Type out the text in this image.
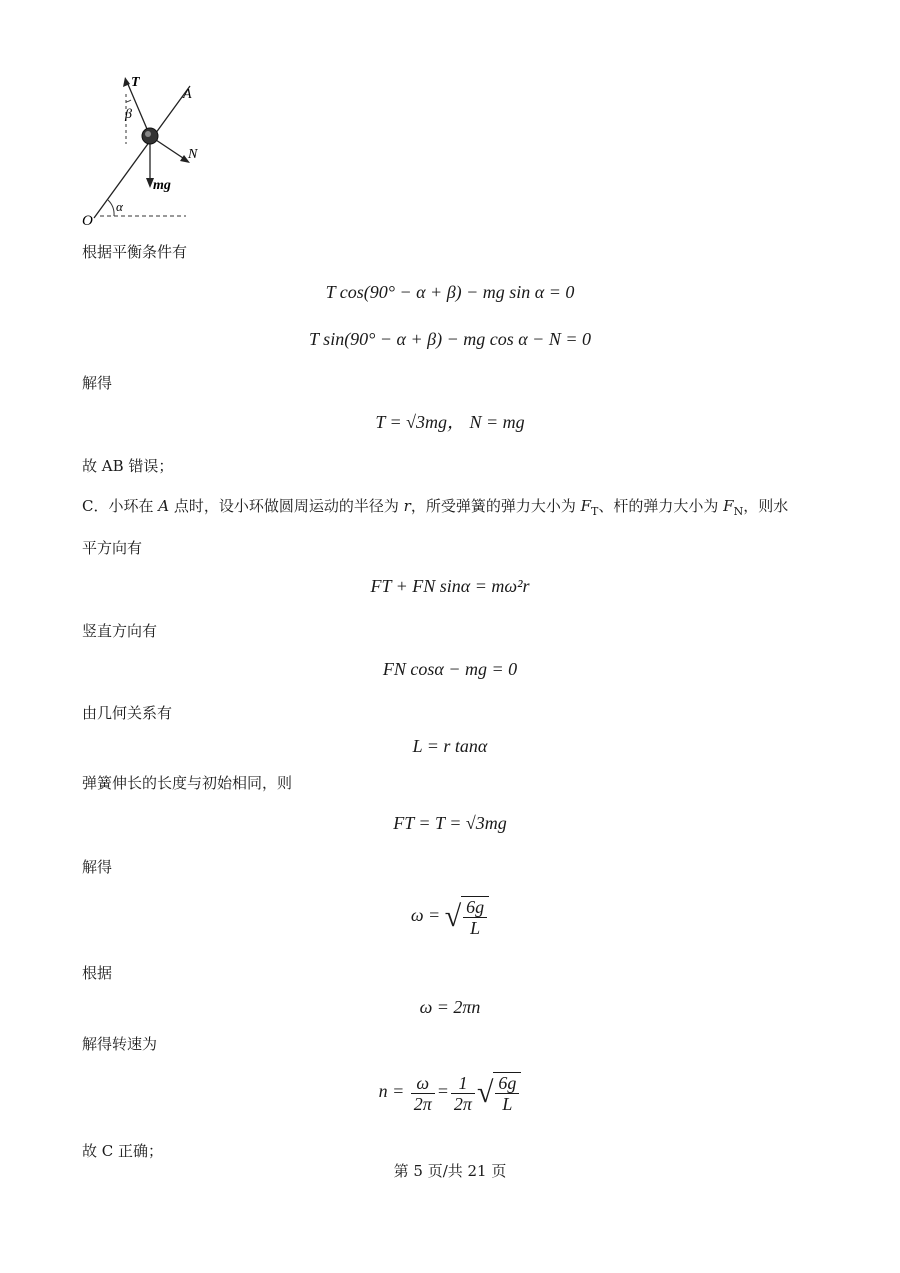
T
A
β
N
mg
O
α
根据平衡条件有
T cos(90° − α + β) − mg sin α = 0
T sin(90° − α + β) − mg cos α − N = 0
解得
T = √3mg， N = mg
故 AB 错误；
C．小环在 A 点时，设小环做圆周运动的半径为 r，所受弹簧的弹力大小为 $F_T$、杆的弹力大小为 $F_N$，则水
平方向有
FT + FN sinα = mω²r
竖直方向有
FN cosα − mg = 0
由几何关系有
L = r tanα
弹簧伸长的长度与初始相同，则
FT = T = √3mg
解得
ω = √ $\frac{6g}{L}$
根据
ω = 2πn
解得转速为
$n = \frac{\omega}{2\pi} = \frac{1}{2\pi}$ √ $\frac{6g}{L}$
故 C 正确；
第 5 页/共 21 页
